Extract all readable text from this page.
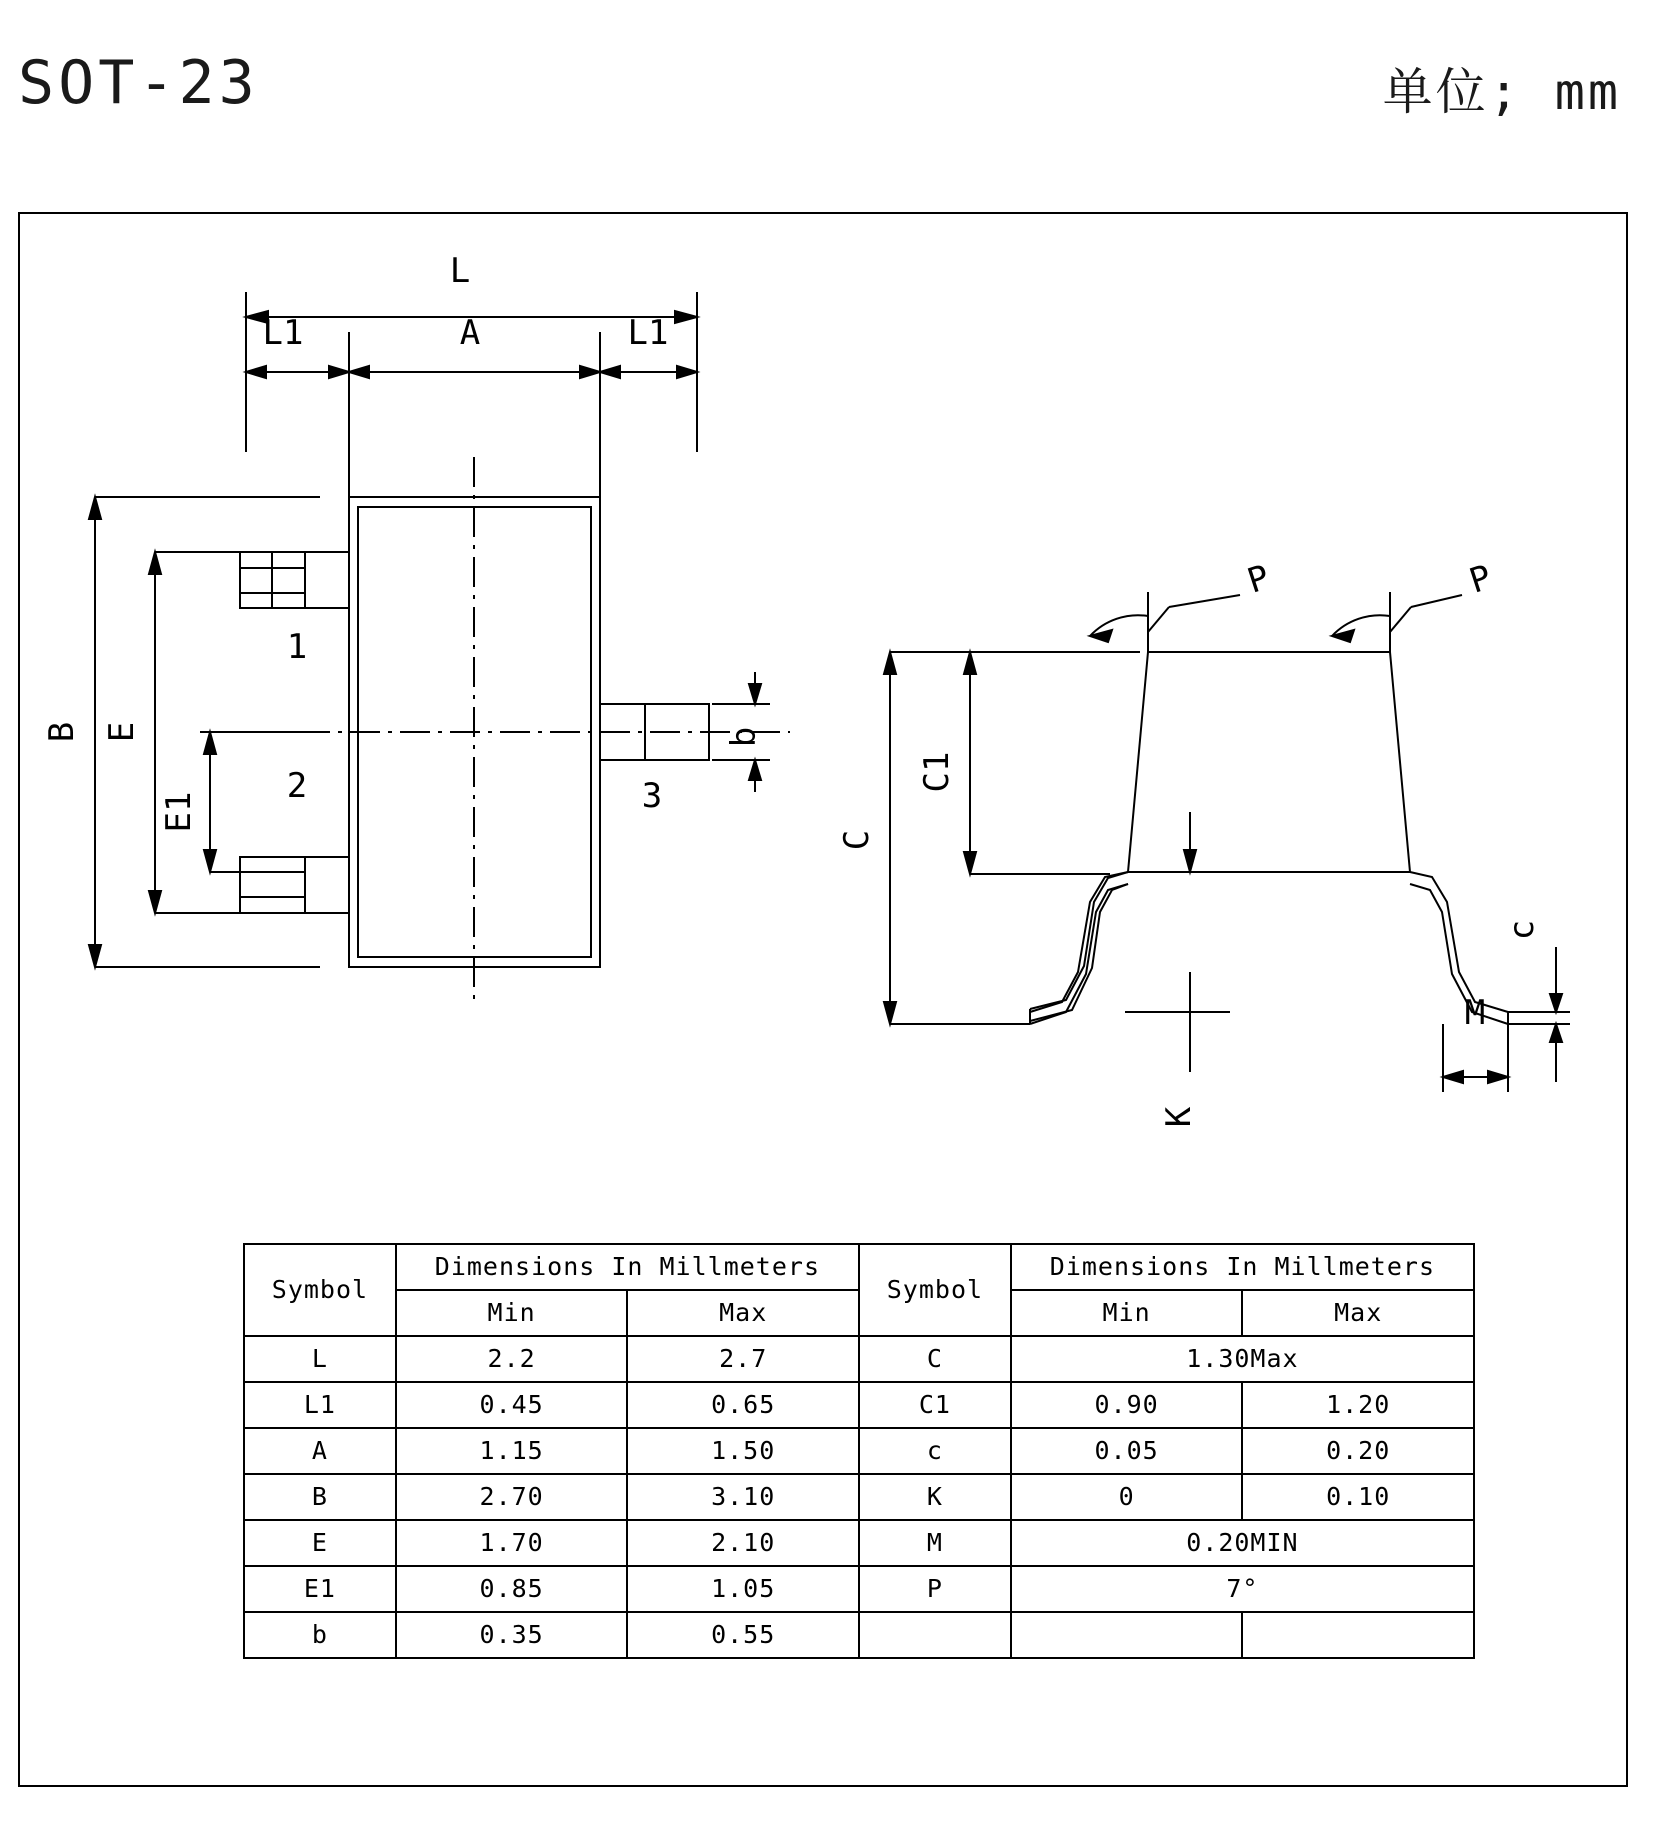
SOT-23	单位; mm
L
L1	A	L1
B E
E1
b
1
2	3
P	P
C
C1
c
K
M
Symbol	Dimensions In Millmeters		Symbol	Dimensions In Millmeters	
	Min	Max		Min	Max
L	2.2	2.7	C	1.30Max	
L1	0.45	0.65	C1	0.90	1.20
A	1.15	1.50	c	0.05	0.20
B	2.70	3.10	K	0	0.10
E	1.70	2.10	M	0.20MIN	
E1	0.85	1.05	P	7°	
b	0.35	0.55			
